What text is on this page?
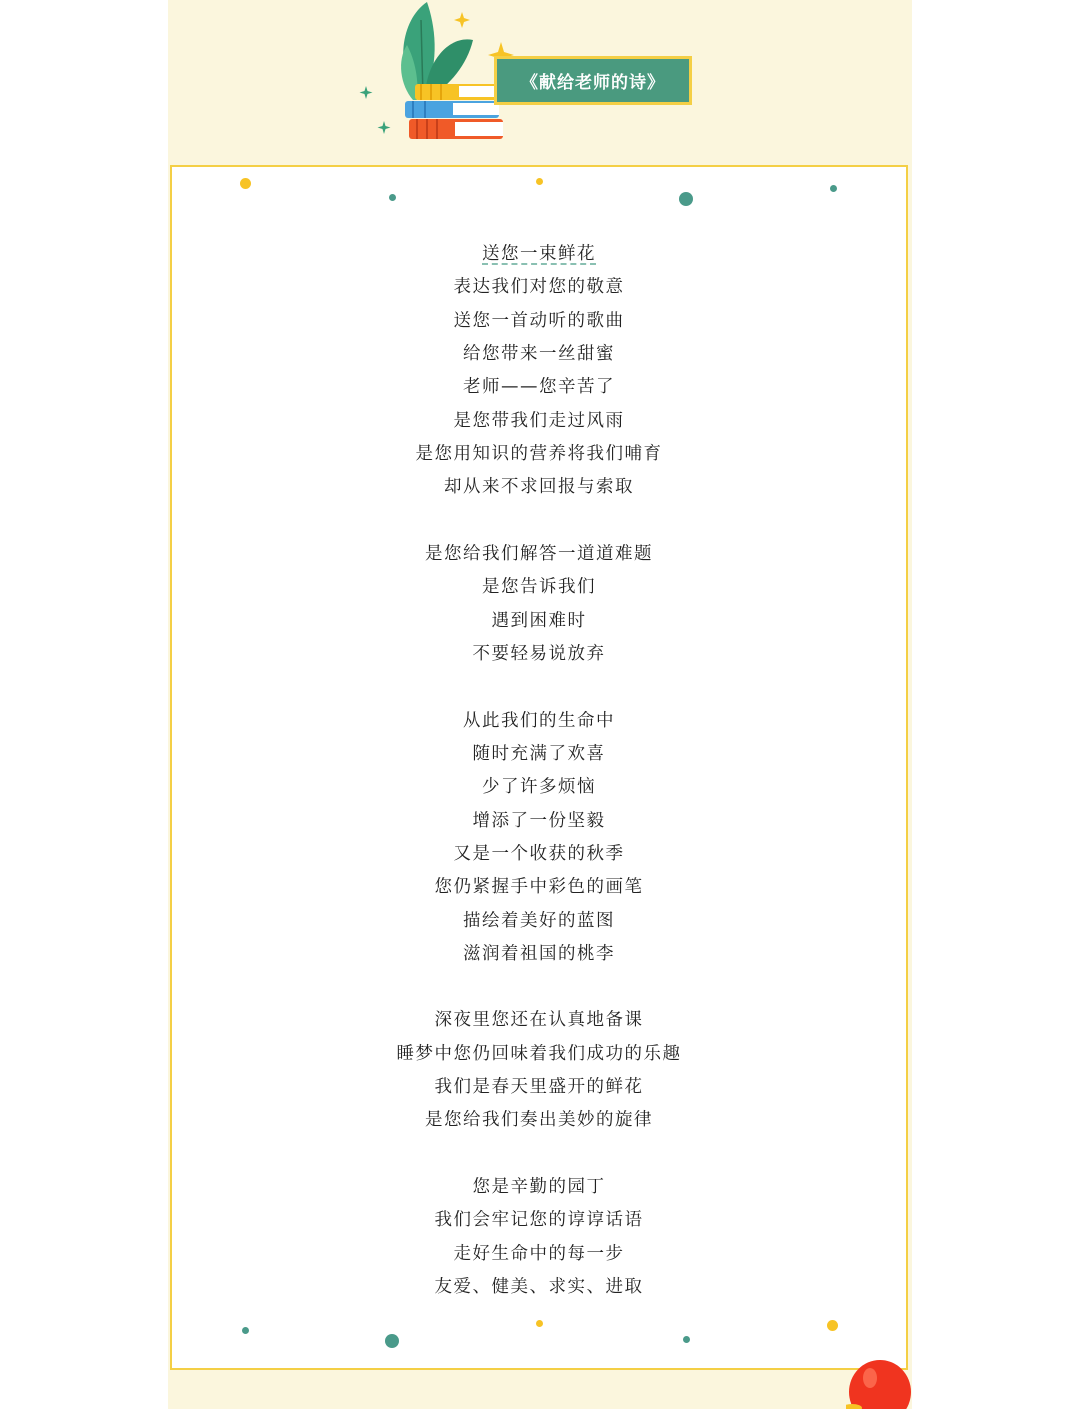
《献给老师的诗》
送您一束鲜花
表达我们对您的敬意
送您一首动听的歌曲
给您带来一丝甜蜜
老师——您辛苦了
是您带我们走过风雨
是您用知识的营养将我们哺育
却从来不求回报与索取
是您给我们解答一道道难题
是您告诉我们
遇到困难时
不要轻易说放弃
从此我们的生命中
随时充满了欢喜
少了许多烦恼
增添了一份坚毅
又是一个收获的秋季
您仍紧握手中彩色的画笔
描绘着美好的蓝图
滋润着祖国的桃李
深夜里您还在认真地备课
睡梦中您仍回味着我们成功的乐趣
我们是春天里盛开的鲜花
是您给我们奏出美妙的旋律
您是辛勤的园丁
我们会牢记您的谆谆话语
走好生命中的每一步
友爱、健美、求实、进取
